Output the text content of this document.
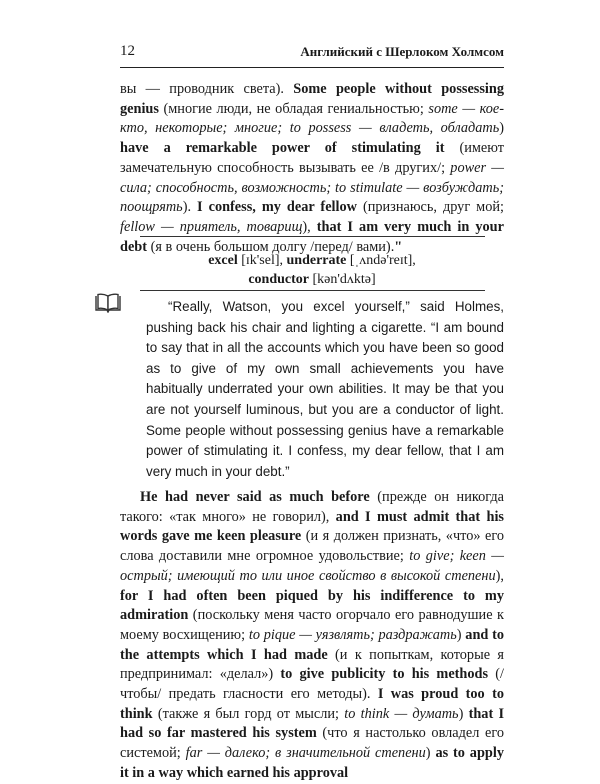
12	Английский с Шерлоком Холмсом
вы — проводник света). Some people without possessing genius (многие люди, не обладая гениальностью; some — кое-кто, некоторые; многие; to possess — владеть, обладать) have a remarkable power of stimulating it (имеют замечательную способность вызывать ее /в других/; power — сила; способность, возможность; to stimulate — возбуждать; поощрять). I confess, my dear fellow (признаюсь, друг мой; fellow — приятель, товарищ), that I am very much in your debt (я в очень большом долгу /перед/ вами)."
excel [ɪk'sel], underrate [ˌʌndə'reɪt],
conductor [kən'dʌktə]
“Really, Watson, you excel yourself,” said Holmes, pushing back his chair and lighting a cigarette. “I am bound to say that in all the accounts which you have been so good as to give of my own small achievements you have habitually underrated your own abilities. It may be that you are not yourself luminous, but you are a conductor of light. Some people without possessing genius have a remarkable power of stimulating it. I confess, my dear fellow, that I am very much in your debt.”
He had never said as much before (прежде он никогда такого: «так много» не говорил), and I must admit that his words gave me keen pleasure (и я должен признать, «что» его слова доставили мне огромное удовольствие; to give; keen — острый; имеющий то или иное свойство в высокой степени), for I had often been piqued by his indifference to my admiration (поскольку меня часто огорчало его равнодушие к моему восхищению; to pique — уязвлять; раздражать) and to the attempts which I had made (и к попыткам, которые я предпринимал: «делал») to give publicity to his methods (/чтобы/ предать гласности его методы). I was proud too to think (также я был горд от мысли; to think — думать) that I had so far mastered his system (что я настолько овладел его системой; far — далеко; в значительной степени) as to apply it in a way which earned his approval
